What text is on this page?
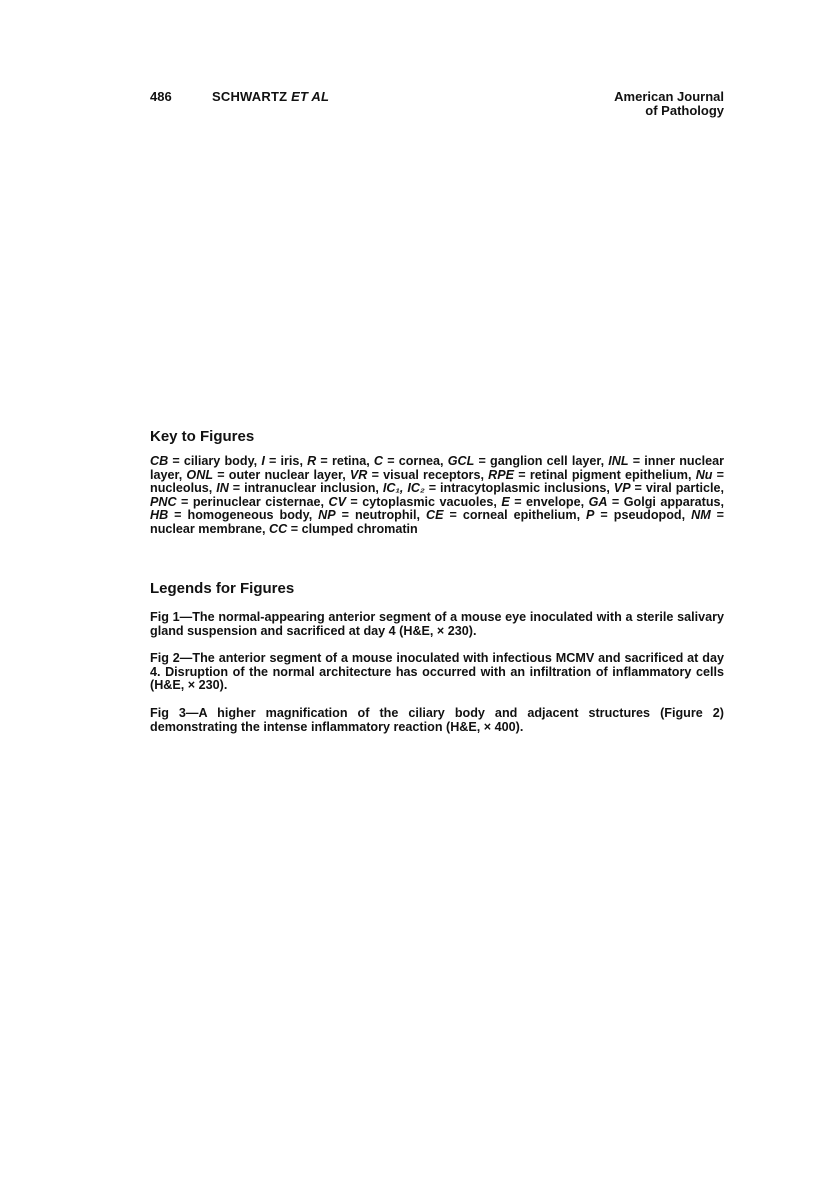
486	SCHWARTZ ET AL	American Journal
of Pathology
Key to Figures

CB = ciliary body, I = iris, R = retina, C = cornea, GCL = ganglion cell layer, INL = inner nuclear layer, ONL = outer nuclear layer, VR = visual receptors, RPE = retinal pigment epithelium, Nu = nucleolus, IN = intranuclear inclusion, IC₁, IC₂ = intracytoplasmic inclusions, VP = viral particle, PNC = perinuclear cisternae, CV = cytoplasmic vacuoles, E = envelope, GA = Golgi apparatus, HB = homogeneous body, NP = neutrophil, CE = corneal epithelium, P = pseudopod, NM = nuclear membrane, CC = clumped chromatin

Legends for Figures

Fig 1—The normal-appearing anterior segment of a mouse eye inoculated with a sterile salivary gland suspension and sacrificed at day 4 (H&E, × 230).

Fig 2—The anterior segment of a mouse inoculated with infectious MCMV and sacrificed at day 4. Disruption of the normal architecture has occurred with an infiltration of inflammatory cells (H&E, × 230).

Fig 3—A higher magnification of the ciliary body and adjacent structures (Figure 2) demonstrating the intense inflammatory reaction (H&E, × 400).
